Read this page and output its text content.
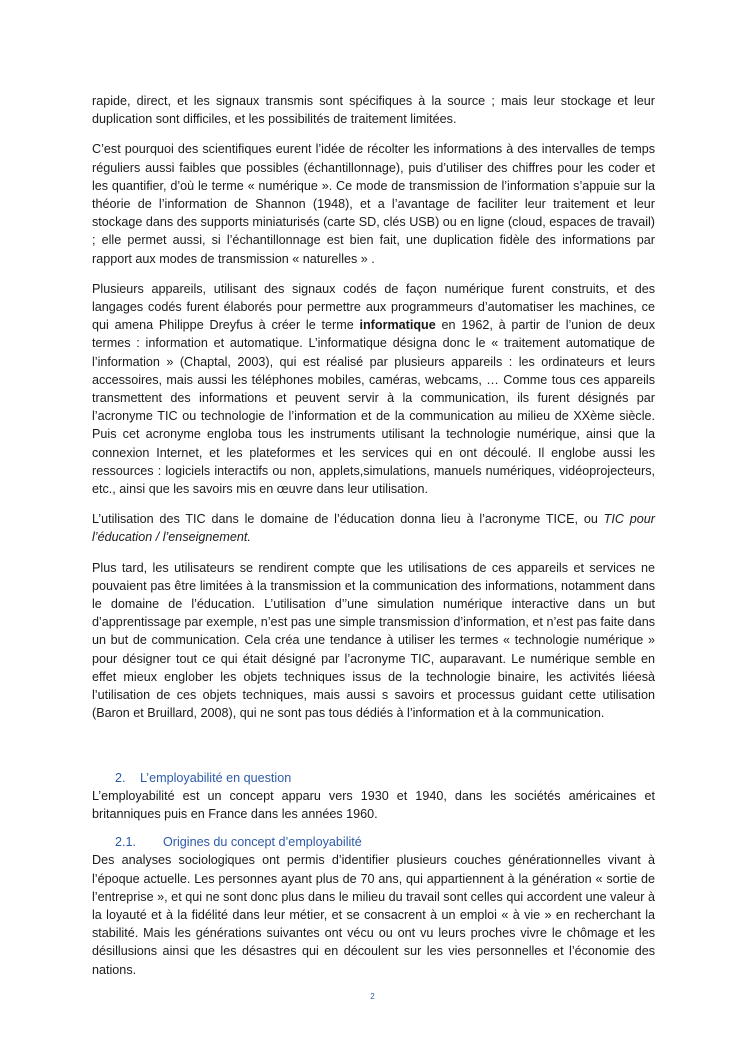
rapide, direct, et les signaux transmis sont spécifiques à la source ; mais leur stockage et leur duplication sont difficiles, et les possibilités de traitement limitées.

C’est pourquoi des scientifiques eurent l’idée de récolter les informations à des intervalles de temps réguliers aussi faibles que possibles (échantillonnage), puis d’utiliser des chiffres pour les coder et les quantifier, d’où le terme « numérique ». Ce mode de transmission de l’information s’appuie sur la théorie de l’information de Shannon (1948), et a l’avantage de faciliter leur traitement et leur stockage dans des supports miniaturisés (carte SD, clés USB) ou en ligne (cloud, espaces de travail) ; elle permet aussi, si l’échantillonnage est bien fait, une duplication fidèle des informations par rapport aux modes de transmission « naturelles » .

Plusieurs appareils, utilisant des signaux codés de façon numérique furent construits, et des langages codés furent élaborés pour permettre aux programmeurs d’automatiser les machines, ce qui amena Philippe Dreyfus à créer le terme informatique en 1962, à partir de l’union de deux termes : information et automatique. L’informatique désigna donc le « traitement automatique de l’information » (Chaptal, 2003), qui est réalisé par plusieurs appareils : les ordinateurs et leurs accessoires, mais aussi les téléphones mobiles, caméras, webcams, … Comme tous ces appareils transmettent des informations et peuvent servir à la communication, ils furent désignés par l’acronyme TIC ou technologie de l’information et de la communication au milieu de XXème siècle. Puis cet acronyme engloba tous les instruments utilisant la technologie numérique, ainsi que la connexion Internet, et les plateformes et les services qui en ont découlé. Il englobe aussi les ressources : logiciels interactifs ou non, applets,simulations, manuels numériques, vidéoprojecteurs, etc., ainsi que les savoirs mis en œuvre dans leur utilisation.

L’utilisation des TIC dans le domaine de l’éducation donna lieu à l’acronyme TICE, ou TIC pour l’éducation / l’enseignement.

Plus tard, les utilisateurs se rendirent compte que les utilisations de ces appareils et services ne pouvaient pas être limitées à la transmission et la communication des informations, notamment dans le domaine de l’éducation. L’utilisation d’’une simulation numérique interactive dans un but d’apprentissage par exemple, n’est pas une simple transmission d’information, et n’est pas faite dans un but de communication. Cela créa une tendance à utiliser les termes « technologie numérique » pour désigner tout ce qui était désigné par l’acronyme TIC, auparavant. Le numérique semble en effet mieux englober les objets techniques issus de la technologie binaire, les activités liéesà l’utilisation de ces objets techniques, mais aussi s savoirs et processus guidant cette utilisation (Baron et Bruillard, 2008), qui ne sont pas tous dédiés à l’information et à la communication.

2. L’employabilité en question

L’employabilité est un concept apparu vers 1930 et 1940, dans les sociétés américaines et britanniques puis en France dans les années 1960.

2.1. Origines du concept d’employabilité

Des analyses sociologiques ont permis d’identifier plusieurs couches générationnelles vivant à l’époque actuelle. Les personnes ayant plus de 70 ans, qui appartiennent à la génération « sortie de l’entreprise », et qui ne sont donc plus dans le milieu du travail sont celles qui accordent une valeur à la loyauté et à la fidélité dans leur métier, et se consacrent à un emploi « à vie » en recherchant la stabilité. Mais les générations suivantes ont vécu ou ont vu leurs proches vivre le chômage et les désillusions ainsi que les désastres qui en découlent sur les vies personnelles et l’économie des nations.

2
